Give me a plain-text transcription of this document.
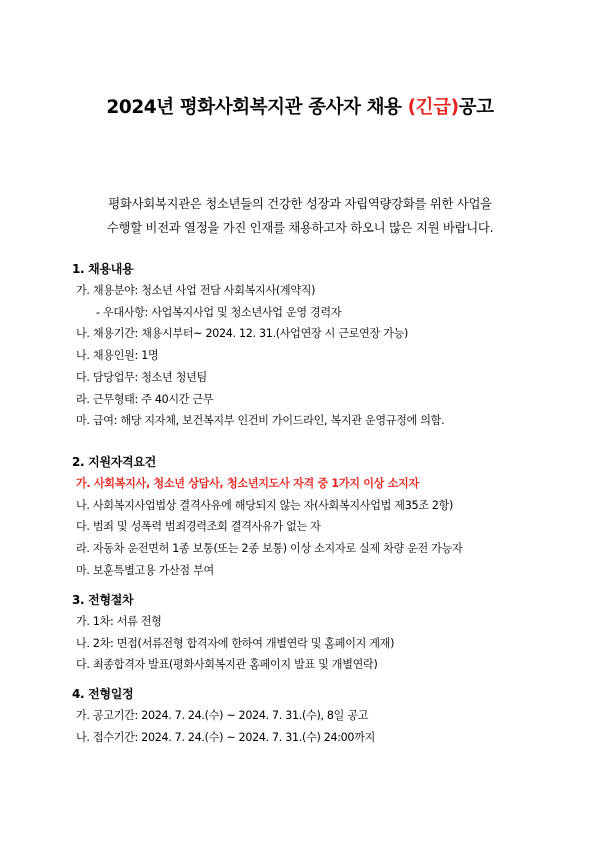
2024년 평화사회복지관 종사자 채용 (긴급)공고

평화사회복지관은 청소년들의 건강한 성장과 자립역량강화를 위한 사업을

수행할 비전과 열정을 가진 인재를 채용하고자 하오니 많은 지원 바랍니다.

1. 채용내용
가. 채용분야: 청소년 사업 전담 사회복지사(계약직)
- 우대사항: 사업복지사업 및 청소년사업 운영 경력자
나. 채용기간: 채용시부터~ 2024. 12. 31.(사업연장 시 근로연장 가능)
나. 채용인원: 1명
다. 담당업무: 청소년 청년팀
라. 근무형태: 주 40시간 근무
마. 급여: 해당 지자체, 보건복지부 인건비 가이드라인, 복지관 운영규정에 의함.
2. 지원자격요건
가. 사회복지사, 청소년 상담사, 청소년지도사 자격 중 1가지 이상 소지자
나. 사회복지사업법상 결격사유에 해당되지 않는 자(사회복지사업법 제35조 2항)
다. 범죄 및 성폭력 범죄경력조회 결격사유가 없는 자
라. 자동차 운전면허 1종 보통(또는 2종 보통) 이상 소지자로 실제 차량 운전 가능자
마. 보훈특별고용 가산점 부여
3. 전형절차
가. 1차: 서류 전형
나. 2차: 면접(서류전형 합격자에 한하여 개별연락 및 홈페이지 게재)
다. 최종합격자 발표(평화사회복지관 홈페이지 발표 및 개별연락)
4. 전형일정
가. 공고기간: 2024. 7. 24.(수) ~ 2024. 7. 31.(수), 8일 공고
나. 접수기간: 2024. 7. 24.(수) ~ 2024. 7. 31.(수) 24:00까지
